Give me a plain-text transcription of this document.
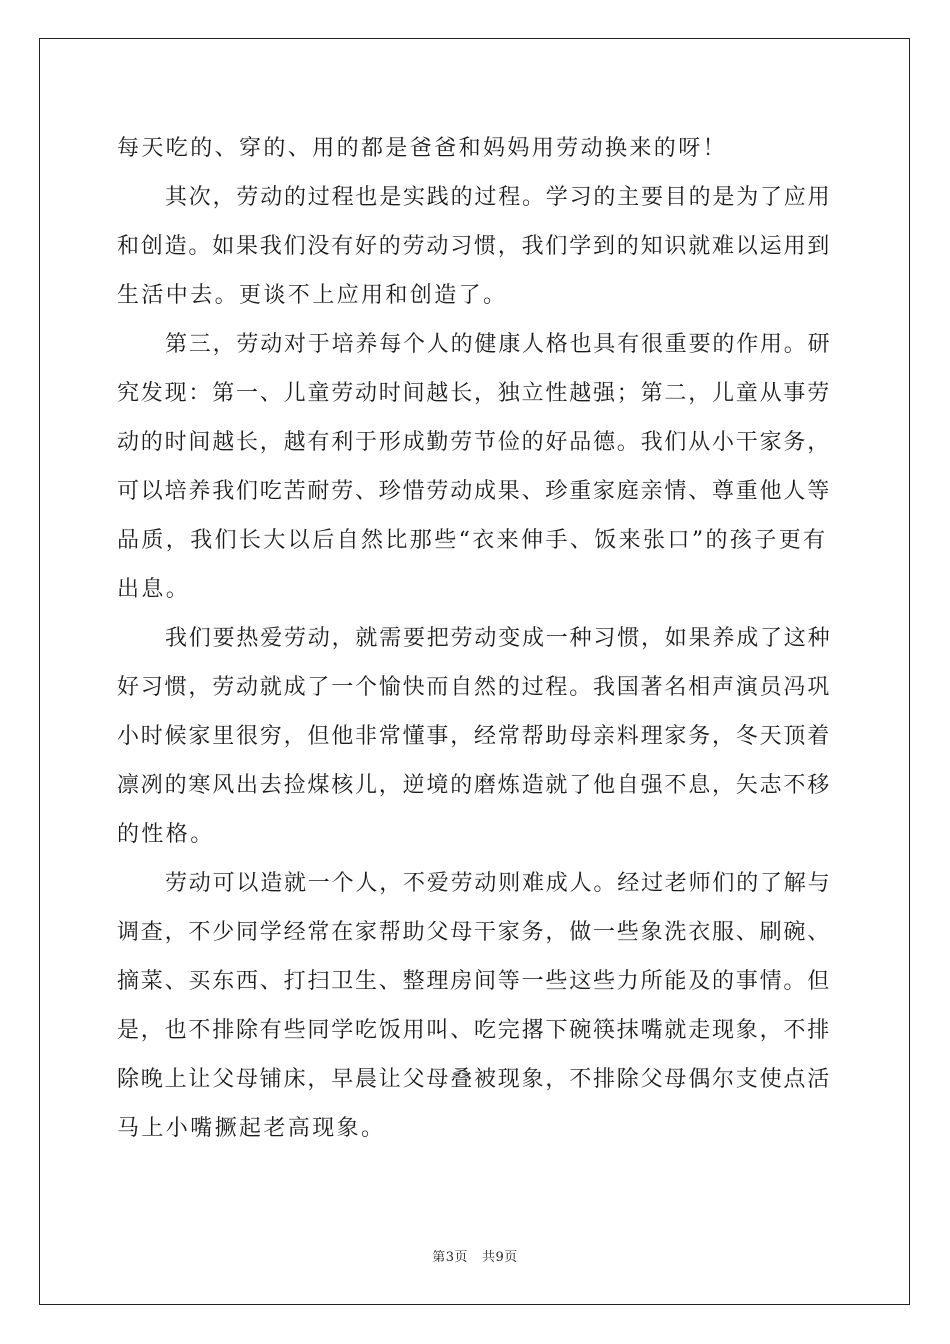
每天吃的、穿的、用的都是爸爸和妈妈用劳动换来的呀！
其次，劳动的过程也是实践的过程。学习的主要目的是为了应用
和创造。如果我们没有好的劳动习惯，我们学到的知识就难以运用到
生活中去。更谈不上应用和创造了。
第三，劳动对于培养每个人的健康人格也具有很重要的作用。研
究发现：第一、儿童劳动时间越长，独立性越强；第二，儿童从事劳
动的时间越长，越有利于形成勤劳节俭的好品德。我们从小干家务，
可以培养我们吃苦耐劳、珍惜劳动成果、珍重家庭亲情、尊重他人等
品质，我们长大以后自然比那些“衣来伸手、饭来张口”的孩子更有
出息。
我们要热爱劳动，就需要把劳动变成一种习惯，如果养成了这种
好习惯，劳动就成了一个愉快而自然的过程。我国著名相声演员冯巩
小时候家里很穷，但他非常懂事，经常帮助母亲料理家务，冬天顶着
凛冽的寒风出去捡煤核儿，逆境的磨炼造就了他自强不息，矢志不移
的性格。
劳动可以造就一个人，不爱劳动则难成人。经过老师们的了解与
调查，不少同学经常在家帮助父母干家务，做一些象洗衣服、刷碗、
摘菜、买东西、打扫卫生、整理房间等一些这些力所能及的事情。但
是，也不排除有些同学吃饭用叫、吃完撂下碗筷抹嘴就走现象，不排
除晚上让父母铺床，早晨让父母叠被现象，不排除父母偶尔支使点活
马上小嘴撅起老高现象。
第3页 共9页
